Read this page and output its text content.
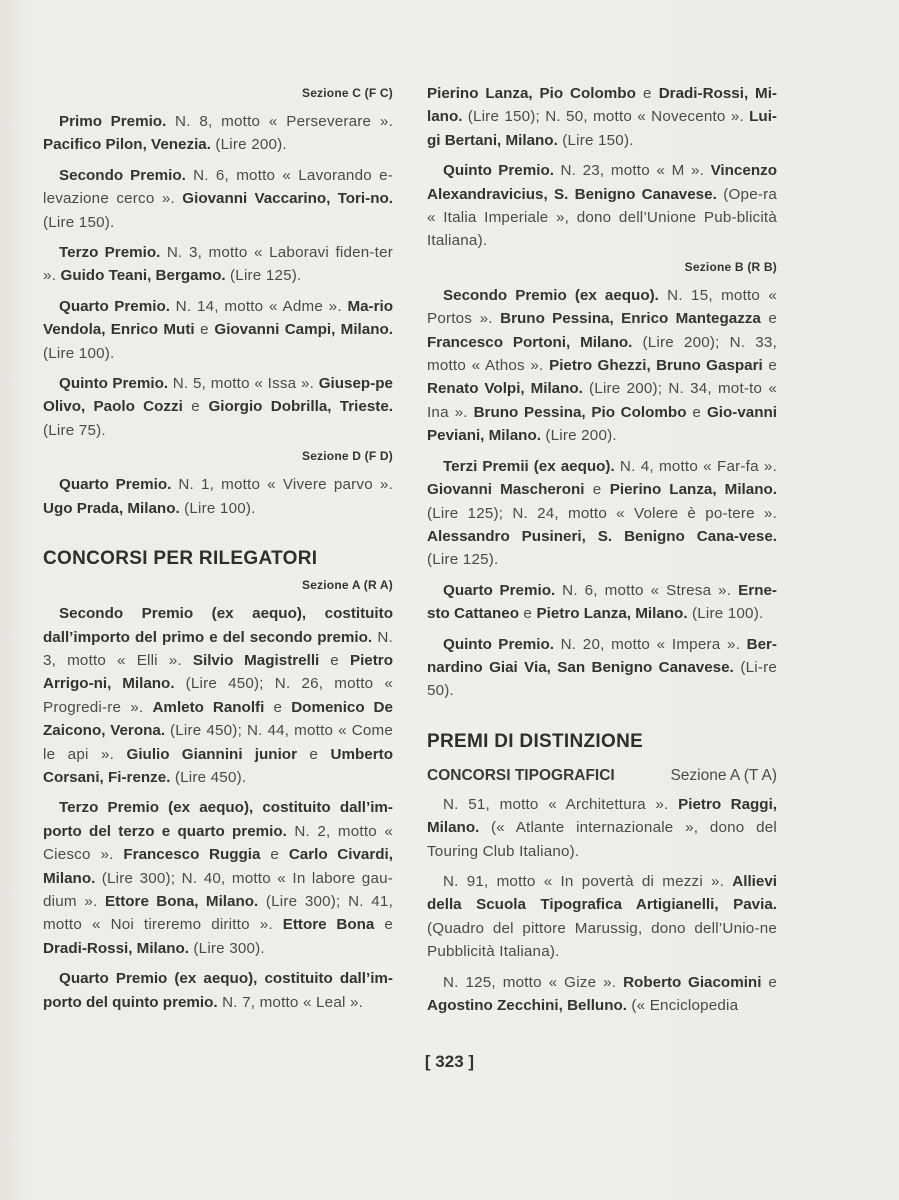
Sezione C (F C)

Primo Premio. N. 8, motto « Perseverare ». Pacifico Pilon, Venezia. (Lire 200).

Secondo Premio. N. 6, motto « Lavorando e-levazione cerco ». Giovanni Vaccarino, Tori-no. (Lire 150).

Terzo Premio. N. 3, motto « Laboravi fiden-ter ». Guido Teani, Bergamo. (Lire 125).

Quarto Premio. N. 14, motto « Adme ». Ma-rio Vendola, Enrico Muti e Giovanni Campi, Milano. (Lire 100).

Quinto Premio. N. 5, motto « Issa ». Giusep-pe Olivo, Paolo Cozzi e Giorgio Dobrilla, Trieste. (Lire 75).

Sezione D (F D)

Quarto Premio. N. 1, motto « Vivere parvo ». Ugo Prada, Milano. (Lire 100).

CONCORSI PER RILEGATORI
Sezione A (R A)

Secondo Premio (ex aequo), costituito dall’importo del primo e del secondo premio. N. 3, motto « Elli ». Silvio Magistrelli e Pietro Arrigo-ni, Milano. (Lire 450); N. 26, motto « Progredi-re ». Amleto Ranolfi e Domenico De Zaicono, Verona. (Lire 450); N. 44, motto « Come le api ». Giulio Giannini junior e Umberto Corsani, Fi-renze. (Lire 450).

Terzo Premio (ex aequo), costituito dall’im-porto del terzo e quarto premio. N. 2, motto « Ciesco ». Francesco Ruggia e Carlo Civardi, Milano. (Lire 300); N. 40, motto « In labore gau-dium ». Ettore Bona, Milano. (Lire 300); N. 41, motto « Noi tireremo diritto ». Ettore Bona e Dradi-Rossi, Milano. (Lire 300).

Quarto Premio (ex aequo), costituito dall’im-porto del quinto premio. N. 7, motto « Leal ».

Pierino Lanza, Pio Colombo e Dradi-Rossi, Mi-lano. (Lire 150); N. 50, motto « Novecento ». Lui-gi Bertani, Milano. (Lire 150).

Quinto Premio. N. 23, motto « M ». Vincenzo Alexandravicius, S. Benigno Canavese. (Ope-ra « Italia Imperiale », dono dell’Unione Pub-blicità Italiana).

Sezione B (R B)

Secondo Premio (ex aequo). N. 15, motto « Portos ». Bruno Pessina, Enrico Mantegazza e Francesco Portoni, Milano. (Lire 200); N. 33, motto « Athos ». Pietro Ghezzi, Bruno Gaspari e Renato Volpi, Milano. (Lire 200); N. 34, mot-to « Ina ». Bruno Pessina, Pio Colombo e Gio-vanni Peviani, Milano. (Lire 200).

Terzi Premii (ex aequo). N. 4, motto « Far-fa ». Giovanni Mascheroni e Pierino Lanza, Milano. (Lire 125); N. 24, motto « Volere è po-tere ». Alessandro Pusineri, S. Benigno Cana-vese. (Lire 125).

Quarto Premio. N. 6, motto « Stresa ». Erne-sto Cattaneo e Pietro Lanza, Milano. (Lire 100).

Quinto Premio. N. 20, motto « Impera ». Ber-nardino Giai Via, San Benigno Canavese. (Li-re 50).

PREMI DI DISTINZIONE
CONCORSI TIPOGRAFICI	Sezione A (T A)

N. 51, motto « Architettura ». Pietro Raggi, Milano. (« Atlante internazionale », dono del Touring Club Italiano).

N. 91, motto « In povertà di mezzi ». Allievi della Scuola Tipografica Artigianelli, Pavia. (Quadro del pittore Marussig, dono dell’Unio-ne Pubblicità Italiana).

N. 125, motto « Gize ». Roberto Giacomini e Agostino Zecchini, Belluno. (« Enciclopedia

[ 323 ]
